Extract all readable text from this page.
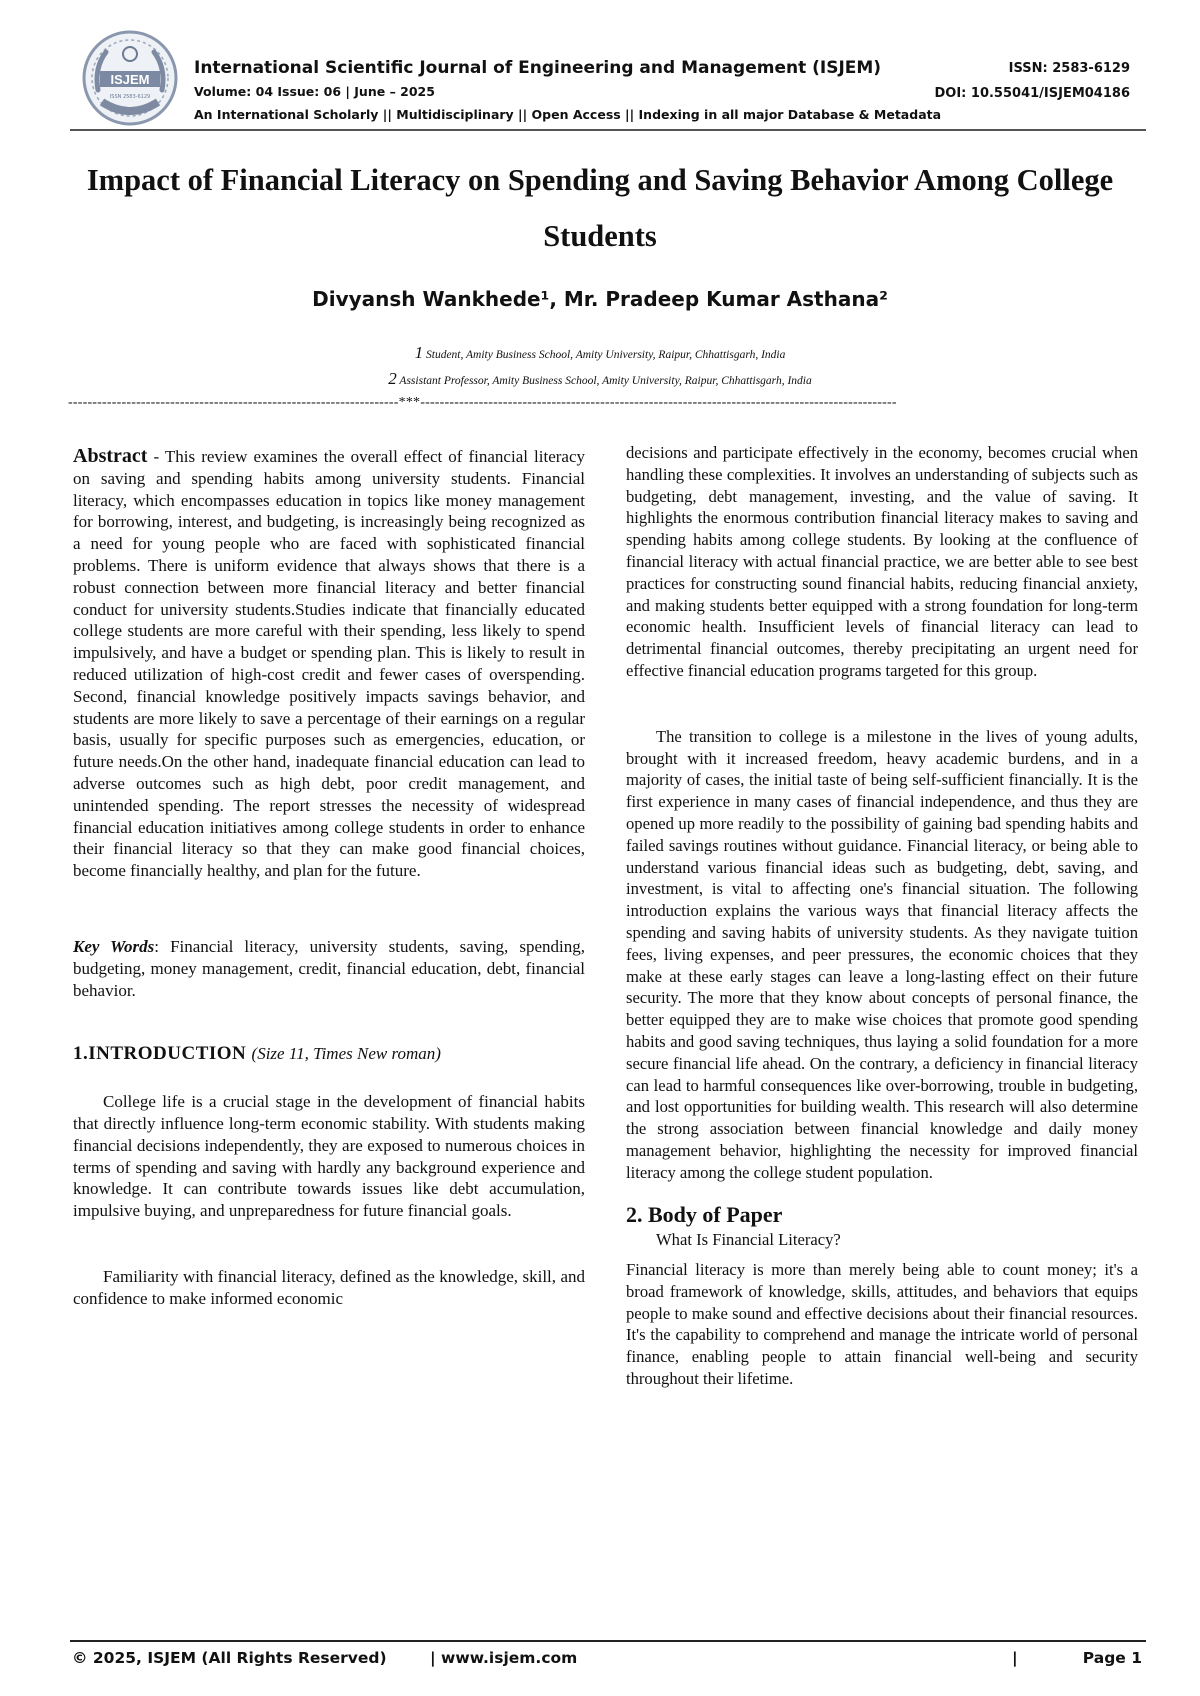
ISJEM
ISSN 2583-6129
International Scientific Journal of Engineering and Management (ISJEM)
Volume: 04 Issue: 06 | June – 2025
An International Scholarly || Multidisciplinary || Open Access || Indexing in all major Database & Metadata
ISSN: 2583-6129
DOI: 10.55041/ISJEM04186
Impact of Financial Literacy on Spending and Saving Behavior Among College Students
Divyansh Wankhede¹, Mr. Pradeep Kumar Asthana²
1 Student, Amity Business School, Amity University, Raipur, Chhattisgarh, India
2 Assistant Professor, Amity Business School, Amity University, Raipur, Chhattisgarh, India
--------------------------------------------------------------------***--------------------------------------------------------------------------------------------------

Abstract - This review examines the overall effect of financial literacy on saving and spending habits among university students. Financial literacy, which encompasses education in topics like money management for borrowing, interest, and budgeting, is increasingly being recognized as a need for young people who are faced with sophisticated financial problems. There is uniform evidence that always shows that there is a robust connection between more financial literacy and better financial conduct for university students.Studies indicate that financially educated college students are more careful with their spending, less likely to spend impulsively, and have a budget or spending plan. This is likely to result in reduced utilization of high-cost credit and fewer cases of overspending. Second, financial knowledge positively impacts savings behavior, and students are more likely to save a percentage of their earnings on a regular basis, usually for specific purposes such as emergencies, education, or future needs.On the other hand, inadequate financial education can lead to adverse outcomes such as high debt, poor credit management, and unintended spending. The report stresses the necessity of widespread financial education initiatives among college students in order to enhance their financial literacy so that they can make good financial choices, become financially healthy, and plan for the future.

Key Words: Financial literacy, university students, saving, spending, budgeting, money management, credit, financial education, debt, financial behavior.

1.INTRODUCTION (Size 11, Times New roman)

College life is a crucial stage in the development of financial habits that directly influence long-term economic stability. With students making financial decisions independently, they are exposed to numerous choices in terms of spending and saving with hardly any background experience and knowledge. It can contribute towards issues like debt accumulation, impulsive buying, and unpreparedness for future financial goals.

Familiarity with financial literacy, defined as the knowledge, skill, and confidence to make informed economic

decisions and participate effectively in the economy, becomes crucial when handling these complexities. It involves an understanding of subjects such as budgeting, debt management, investing, and the value of saving. It highlights the enormous contribution financial literacy makes to saving and spending habits among college students. By looking at the confluence of financial literacy with actual financial practice, we are better able to see best practices for constructing sound financial habits, reducing financial anxiety, and making students better equipped with a strong foundation for long-term economic health. Insufficient levels of financial literacy can lead to detrimental financial outcomes, thereby precipitating an urgent need for effective financial education programs targeted for this group.

The transition to college is a milestone in the lives of young adults, brought with it increased freedom, heavy academic burdens, and in a majority of cases, the initial taste of being self-sufficient financially. It is the first experience in many cases of financial independence, and thus they are opened up more readily to the possibility of gaining bad spending habits and failed savings routines without guidance. Financial literacy, or being able to understand various financial ideas such as budgeting, debt, saving, and investment, is vital to affecting one's financial situation. The following introduction explains the various ways that financial literacy affects the spending and saving habits of university students. As they navigate tuition fees, living expenses, and peer pressures, the economic choices that they make at these early stages can leave a long-lasting effect on their future security. The more that they know about concepts of personal finance, the better equipped they are to make wise choices that promote good spending habits and good saving techniques, thus laying a solid foundation for a more secure financial life ahead. On the contrary, a deficiency in financial literacy can lead to harmful consequences like over-borrowing, trouble in budgeting, and lost opportunities for building wealth. This research will also determine the strong association between financial knowledge and daily money management behavior, highlighting the necessity for improved financial literacy among the college student population.

2. Body of Paper

What Is Financial Literacy?

Financial literacy is more than merely being able to count money; it's a broad framework of knowledge, skills, attitudes, and behaviors that equips people to make sound and effective decisions about their financial resources. It's the capability to comprehend and manage the intricate world of personal finance, enabling people to attain financial well-being and security throughout their lifetime.

© 2025, ISJEM (All Rights Reserved)	| www.isjem.com	|	Page 1
